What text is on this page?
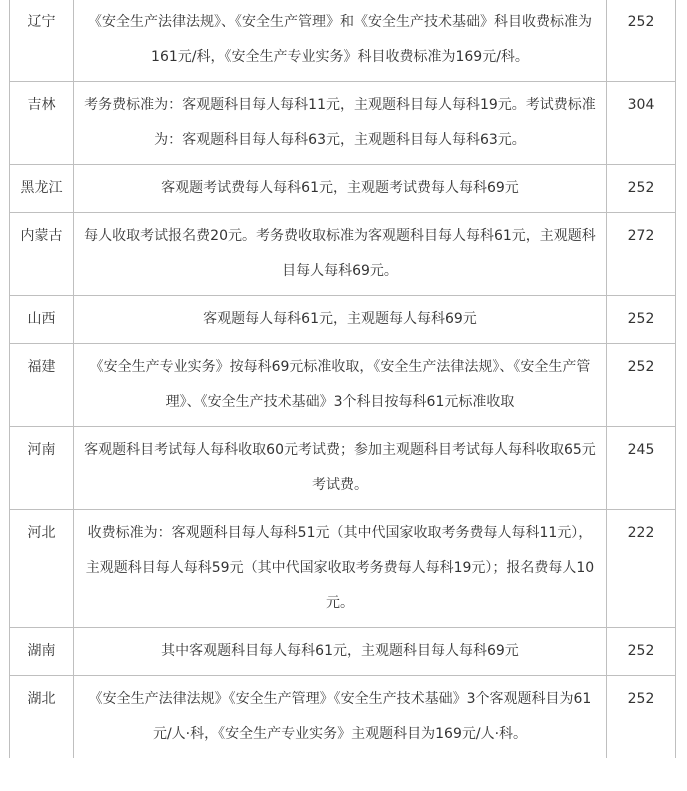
辽宁	《安全生产法律法规》、《安全生产管理》和《安全生产技术基础》科目收费标准为161元/科，《安全生产专业实务》科目收费标准为169元/科。	252
吉林	考务费标准为：客观题科目每人每科11元，主观题科目每人每科19元。考试费标准为：客观题科目每人每科63元，主观题科目每人每科63元。	304
黑龙江	客观题考试费每人每科61元，主观题考试费每人每科69元	252
内蒙古	每人收取考试报名费20元。考务费收取标准为客观题科目每人每科61元，主观题科目每人每科69元。	272
山西	客观题每人每科61元，主观题每人每科69元	252
福建	《安全生产专业实务》按每科69元标准收取，《安全生产法律法规》、《安全生产管理》、《安全生产技术基础》3个科目按每科61元标准收取	252
河南	客观题科目考试每人每科收取60元考试费；参加主观题科目考试每人每科收取65元考试费。	245
河北	收费标准为：客观题科目每人每科51元（其中代国家收取考务费每人每科11元），主观题科目每人每科59元（其中代国家收取考务费每人每科19元）；报名费每人10元。	222
湖南	其中客观题科目每人每科61元，主观题科目每人每科69元	252
湖北	《安全生产法律法规》《安全生产管理》《安全生产技术基础》3个客观题科目为61元/人·科，《安全生产专业实务》主观题科目为169元/人·科。	252
